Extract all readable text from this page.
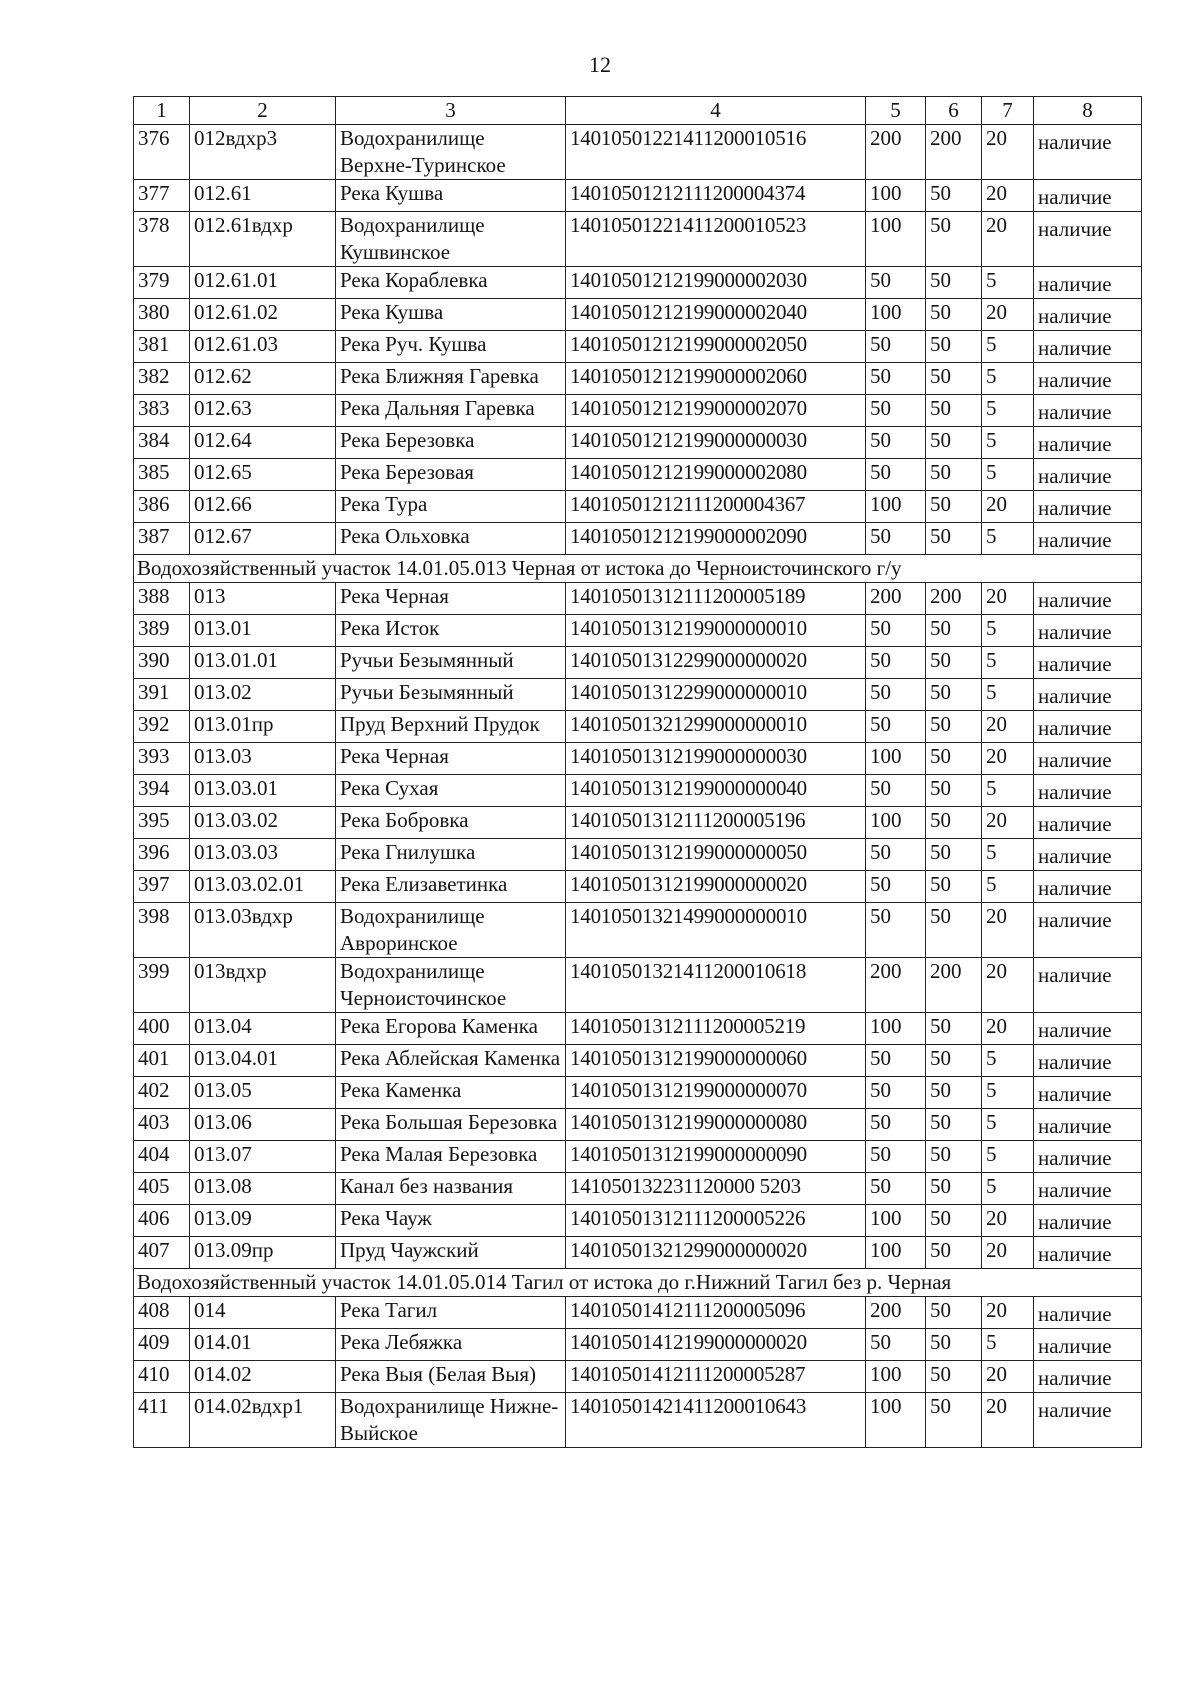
12
1	2	3	4	5	6	7	8
376	012вдхр3	Водохранилище Верхне-Туринское	14010501221411200010516	200	200	20	наличие
377	012.61	Река Кушва	14010501212111200004374	100	50	20	наличие
378	012.61вдхр	Водохранилище Кушвинское	14010501221411200010523	100	50	20	наличие
379	012.61.01	Река Кораблевка	14010501212199000002030	50	50	5	наличие
380	012.61.02	Река Кушва	14010501212199000002040	100	50	20	наличие
381	012.61.03	Река Руч. Кушва	14010501212199000002050	50	50	5	наличие
382	012.62	Река Ближняя Гаревка	14010501212199000002060	50	50	5	наличие
383	012.63	Река Дальняя Гаревка	14010501212199000002070	50	50	5	наличие
384	012.64	Река Березовка	14010501212199000000030	50	50	5	наличие
385	012.65	Река Березовая	14010501212199000002080	50	50	5	наличие
386	012.66	Река Тура	14010501212111200004367	100	50	20	наличие
387	012.67	Река Ольховка	14010501212199000002090	50	50	5	наличие
Водохозяйственный участок 14.01.05.013 Черная от истока до Черноисточинского г/у							
388	013	Река Черная	14010501312111200005189	200	200	20	наличие
389	013.01	Река Исток	14010501312199000000010	50	50	5	наличие
390	013.01.01	Ручьи Безымянный	14010501312299000000020	50	50	5	наличие
391	013.02	Ручьи Безымянный	14010501312299000000010	50	50	5	наличие
392	013.01пр	Пруд Верхний Прудок	14010501321299000000010	50	50	20	наличие
393	013.03	Река Черная	14010501312199000000030	100	50	20	наличие
394	013.03.01	Река Сухая	14010501312199000000040	50	50	5	наличие
395	013.03.02	Река Бобровка	14010501312111200005196	100	50	20	наличие
396	013.03.03	Река Гнилушка	14010501312199000000050	50	50	5	наличие
397	013.03.02.01	Река Елизаветинка	14010501312199000000020	50	50	5	наличие
398	013.03вдхр	Водохранилище Авроринское	14010501321499000000010	50	50	20	наличие
399	013вдхр	Водохранилище Черноисточинское	14010501321411200010618	200	200	20	наличие
400	013.04	Река Егорова Каменка	14010501312111200005219	100	50	20	наличие
401	013.04.01	Река Аблейская Каменка	14010501312199000000060	50	50	5	наличие
402	013.05	Река Каменка	14010501312199000000070	50	50	5	наличие
403	013.06	Река Большая Березовка	14010501312199000000080	50	50	5	наличие
404	013.07	Река Малая Березовка	14010501312199000000090	50	50	5	наличие
405	013.08	Канал без названия	141050132231120000 5203	50	50	5	наличие
406	013.09	Река Чауж	14010501312111200005226	100	50	20	наличие
407	013.09пр	Пруд Чаужский	14010501321299000000020	100	50	20	наличие
Водохозяйственный участок 14.01.05.014 Тагил от истока до г.Нижний Тагил без р. Черная							
408	014	Река Тагил	14010501412111200005096	200	50	20	наличие
409	014.01	Река Лебяжка	14010501412199000000020	50	50	5	наличие
410	014.02	Река Выя (Белая Выя)	14010501412111200005287	100	50	20	наличие
411	014.02вдхр1	Водохранилище Нижне-Выйское	14010501421411200010643	100	50	20	наличие
